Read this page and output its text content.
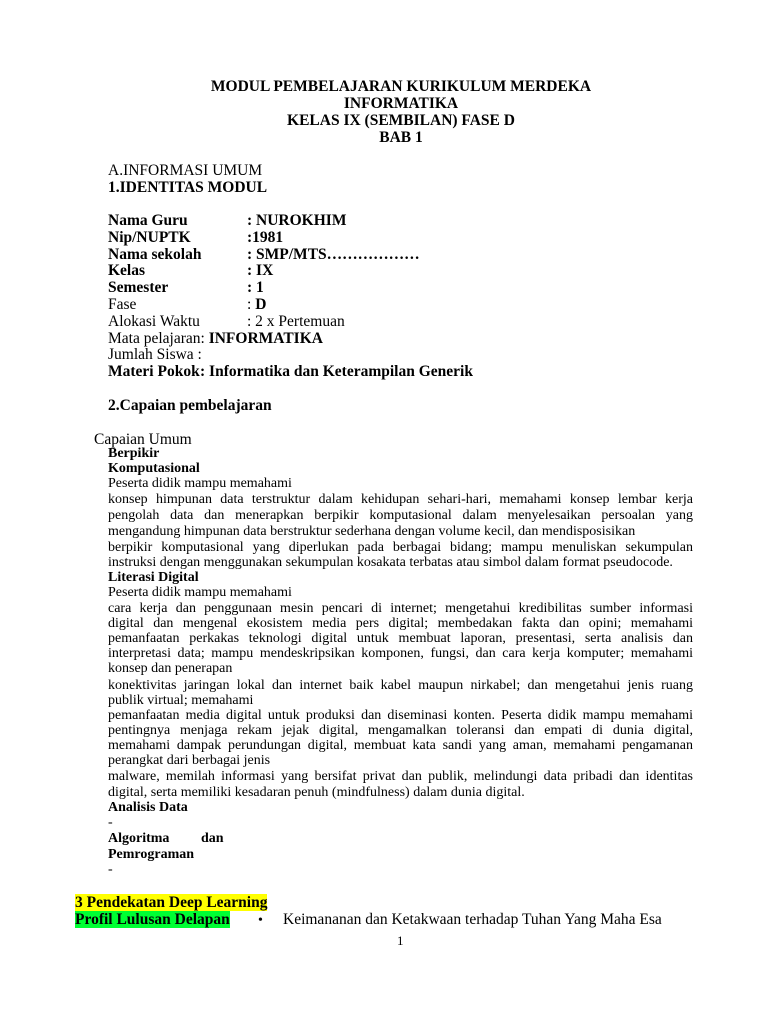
MODUL PEMBELAJARAN KURIKULUM MERDEKA
INFORMATIKA
KELAS IX (SEMBILAN) FASE D
BAB 1
A.INFORMASI UMUM
1.IDENTITAS MODUL
Nama Guru	: NUROKHIM
Nip/NUPTK	:1981
Nama sekolah	: SMP/MTS………………
Kelas	: IX
Semester	: 1
Fase	: D
Alokasi Waktu	: 2 x Pertemuan
Mata pelajaran: INFORMATIKA
Jumlah Siswa :
Materi Pokok : Informatika dan Keterampilan Generik
2.Capaian pembelajaran
Capaian Umum
Berpikir
Komputasional
Peserta didik mampu memahami
konsep himpunan data terstruktur dalam kehidupan sehari-hari, memahami konsep lembar kerja
pengolah data dan menerapkan berpikir komputasional dalam menyelesaikan persoalan yang
mengandung himpunan data berstruktur sederhana dengan volume kecil, dan mendisposisikan
berpikir komputasional yang diperlukan pada berbagai bidang; mampu menuliskan sekumpulan
instruksi dengan menggunakan sekumpulan kosakata terbatas atau simbol dalam format pseudocode.
Literasi Digital
Peserta didik mampu memahami
cara kerja dan penggunaan mesin pencari di internet; mengetahui kredibilitas sumber informasi
digital dan mengenal ekosistem media pers digital; membedakan fakta dan opini; memahami
pemanfaatan perkakas teknologi digital untuk membuat laporan, presentasi, serta analisis dan
interpretasi data; mampu mendeskripsikan komponen, fungsi, dan cara kerja komputer; memahami
konsep dan penerapan
konektivitas jaringan lokal dan internet baik kabel maupun nirkabel; dan mengetahui jenis ruang
publik virtual; memahami
pemanfaatan media digital untuk produksi dan diseminasi konten. Peserta didik mampu memahami
pentingnya menjaga rekam jejak digital, mengamalkan toleransi dan empati di dunia digital,
memahami dampak perundungan digital, membuat kata sandi yang aman, memahami pengamanan
perangkat dari berbagai jenis
malware, memilah informasi yang bersifat privat dan publik, melindungi data pribadi dan identitas
digital, serta memiliki kesadaran penuh (mindfulness) dalam dunia digital.
Analisis Data
-
Algoritma dan
Pemrograman
-
3 Pendekatan Deep Learning
Profil Lulusan Delapan • Keimananan dan Ketakwaan terhadap Tuhan Yang Maha Esa
1
